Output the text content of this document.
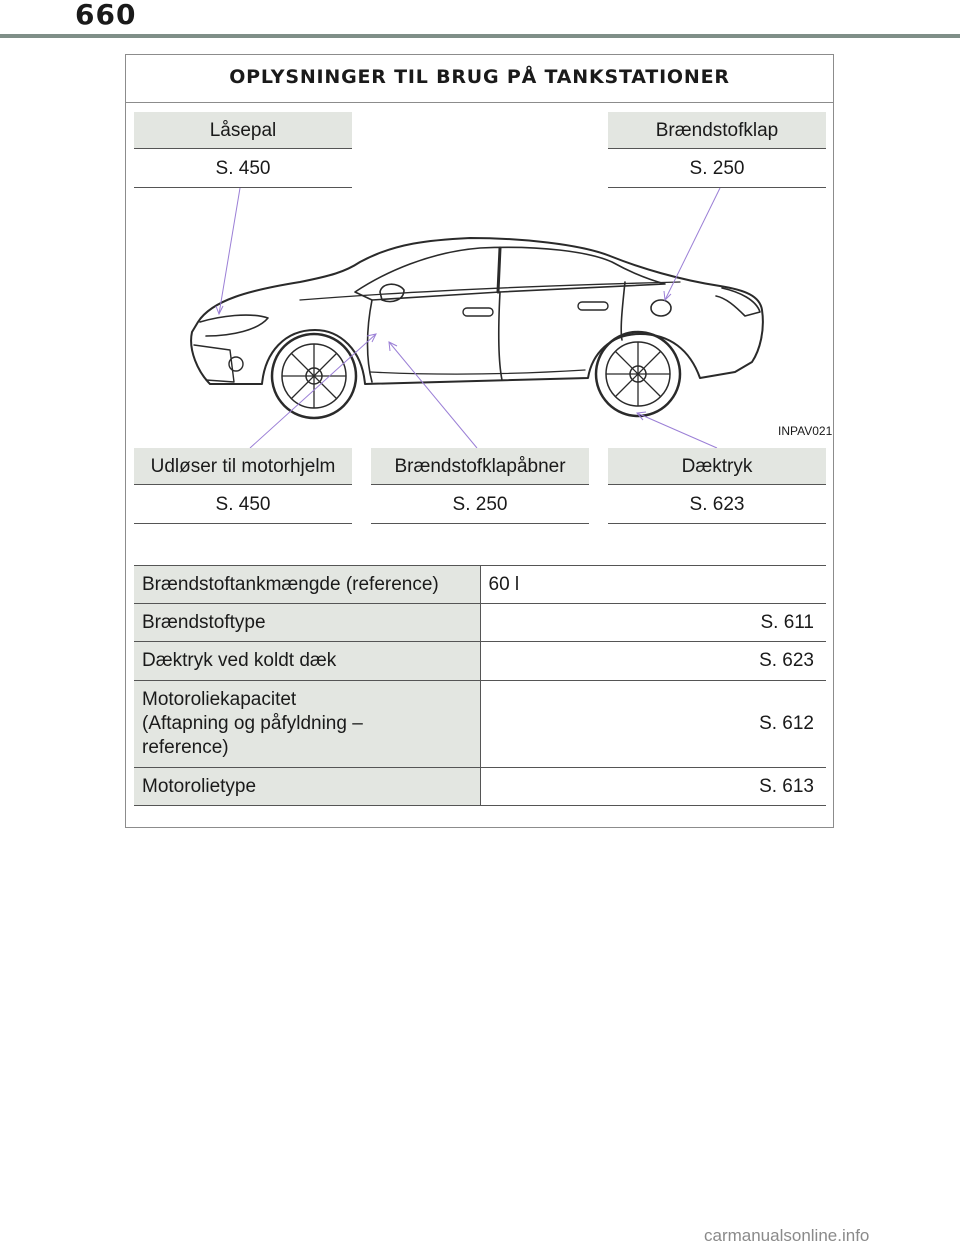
660
OPLYSNINGER TIL BRUG PÅ TANKSTATIONER
Låsepal
S. 450
Brændstofklap
S. 250
INPAV021
Udløser til motorhjelm
S. 450
Brændstofklapåbner
S. 250
Dæktryk
S. 623
Brændstoftankmængde (reference)	60 l
Brændstoftype	S. 611
Dæktryk ved koldt dæk	S. 623

Motoroliekapacitet
(Aftapning og påfyldning –
reference)	S. 612
Motorolietype	S. 613
carmanualsonline.info
